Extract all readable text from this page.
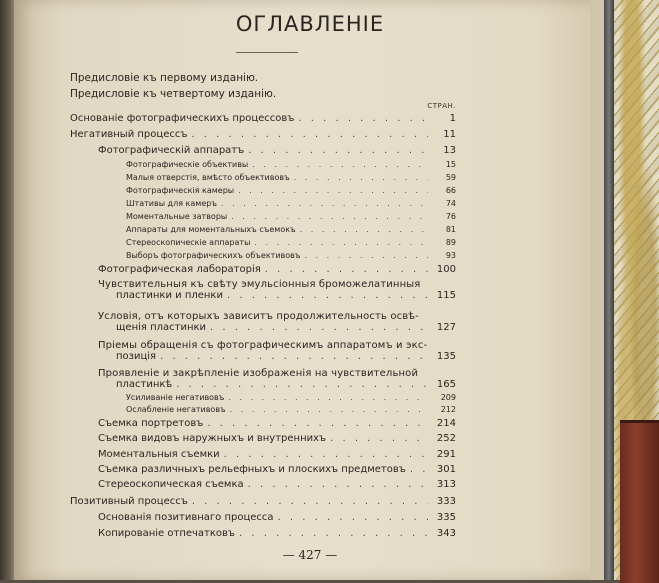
ОГЛАВЛЕНІЕ
Предисловіе къ первому изданію.
Предисловіе къ четвертому изданію.
СТРАН.
Основаніе фотографическихъ процессовъ . . .	1
Негативный процессъ . . .	11
Фотографическій аппаратъ . . .	13
Фотографическіе объективы . . .	15
Малыя отверстія, вмѣсто объективовъ . . .	59
Фотографическія камеры . . .	66
Штативы для камеръ . . .	74
Моментальные затворы . . .	76
Аппараты для моментальныхъ съемокъ . . .	81
Стереоскопическіе аппараты . . .	89
Выборъ фотографическихъ объективовъ . . .	93
Фотографическая лабораторія . . .	100
Чувствительныя къ свѣту эмульсіонныя броможелатинныя
пластинки и пленки . . .	115
Условія, отъ которыхъ зависитъ продолжительность освѣ-
щенія пластинки . . .	127
Пріемы обращенія съ фотографическимъ аппаратомъ и экс-
позиція . . .	135
Проявленіе и закрѣпленіе изображенія на чувствительной
пластинкѣ . . .	165
Усиливаніе негативовъ . . .	209
Ослабленіе негативовъ . . .	212
Съемка портретовъ . . .	214
Съемка видовъ наружныхъ и внутреннихъ . . .	252
Моментальныя съемки . . .	291
Съемка различныхъ рельефныхъ и плоскихъ предметовъ . . .	301
Стереоскопическая съемка . . .	313
Позитивный процессъ . . .	333
Основанія позитивнаго процесса . . .	335
Копированіе отпечатковъ . . .	343
— 427 —
